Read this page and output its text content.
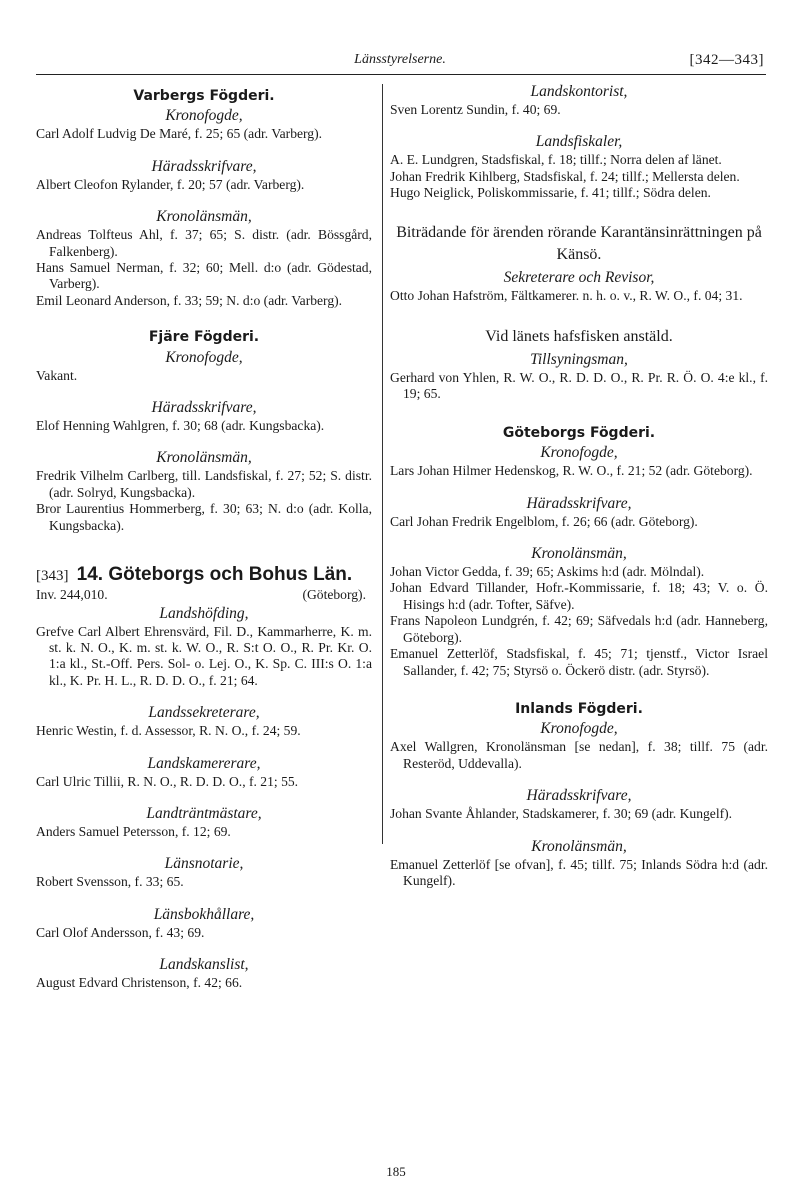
Länsstyrelserne.	[342—343]
Varbergs Fögderi.

Kronofogde,

Carl Adolf Ludvig De Maré, f. 25; 65 (adr. Varberg).

Häradsskrifvare,

Albert Cleofon Rylander, f. 20; 57 (adr. Varberg).

Kronolänsmän,

Andreas Tolfteus Ahl, f. 37; 65; S. distr. (adr. Bössgård, Falkenberg).

Hans Samuel Nerman, f. 32; 60; Mell. d:o (adr. Gödestad, Varberg).

Emil Leonard Anderson, f. 33; 59; N. d:o (adr. Varberg).

Fjäre Fögderi.

Kronofogde,

Vakant.

Häradsskrifvare,

Elof Henning Wahlgren, f. 30; 68 (adr. Kungsbacka).

Kronolänsmän,

Fredrik Vilhelm Carlberg, till. Landsfiskal, f. 27; 52; S. distr. (adr. Solryd, Kungsbacka).

Bror Laurentius Hommerberg, f. 30; 63; N. d:o (adr. Kolla, Kungsbacka).

[343] 14. Göteborgs och Bohus Län.

Inv. 244,010.	(Göteborg).

Landshöfding,

Grefve Carl Albert Ehrensvärd, Fil. D., Kammarherre, K. m. st. k. N. O., K. m. st. k. W. O., R. S:t O. O., R. Pr. Kr. O. 1:a kl., St.-Off. Pers. Sol- o. Lej. O., K. Sp. C. III:s O. 1:a kl., K. Pr. H. L., R. D. D. O., f. 21; 64.

Landssekreterare,

Henric Westin, f. d. Assessor, R. N. O., f. 24; 59.

Landskamererare,

Carl Ulric Tillii, R. N. O., R. D. D. O., f. 21; 55.

Landträntmästare,

Anders Samuel Petersson, f. 12; 69.

Länsnotarie,

Robert Svensson, f. 33; 65.

Länsbokhållare,

Carl Olof Andersson, f. 43; 69.

Landskanslist,

August Edvard Christenson, f. 42; 66.

Landskontorist,

Sven Lorentz Sundin, f. 40; 69.

Landsfiskaler,

A. E. Lundgren, Stadsfiskal, f. 18; tillf.; Norra delen af länet.

Johan Fredrik Kihlberg, Stadsfiskal, f. 24; tillf.; Mellersta delen.

Hugo Neiglick, Poliskommissarie, f. 41; tillf.; Södra delen.

Biträdande för ärenden rörande Karantänsinrättningen på Känsö.

Sekreterare och Revisor,

Otto Johan Hafström, Fältkamerer. n. h. o. v., R. W. O., f. 04; 31.

Vid länets hafsfisken anstäld.

Tillsyningsman,

Gerhard von Yhlen, R. W. O., R. D. D. O., R. Pr. R. Ö. O. 4:e kl., f. 19; 65.

Göteborgs Fögderi.

Kronofogde,

Lars Johan Hilmer Hedenskog, R. W. O., f. 21; 52 (adr. Göteborg).

Häradsskrifvare,

Carl Johan Fredrik Engelblom, f. 26; 66 (adr. Göteborg).

Kronolänsmän,

Johan Victor Gedda, f. 39; 65; Askims h:d (adr. Mölndal).

Johan Edvard Tillander, Hofr.-Kommissarie, f. 18; 43; V. o. Ö. Hisings h:d (adr. Tofter, Säfve).

Frans Napoleon Lundgrén, f. 42; 69; Säfvedals h:d (adr. Hanneberg, Göteborg).

Emanuel Zetterlöf, Stadsfiskal, f. 45; 71; tjenstf., Victor Israel Sallander, f. 42; 75; Styrsö o. Öckerö distr. (adr. Styrsö).

Inlands Fögderi.

Kronofogde,

Axel Wallgren, Kronolänsman [se nedan], f. 38; tillf. 75 (adr. Resteröd, Uddevalla).

Häradsskrifvare,

Johan Svante Åhlander, Stadskamerer, f. 30; 69 (adr. Kungelf).

Kronolänsmän,

Emanuel Zetterlöf [se ofvan], f. 45; tillf. 75; Inlands Södra h:d (adr. Kungelf).

185
